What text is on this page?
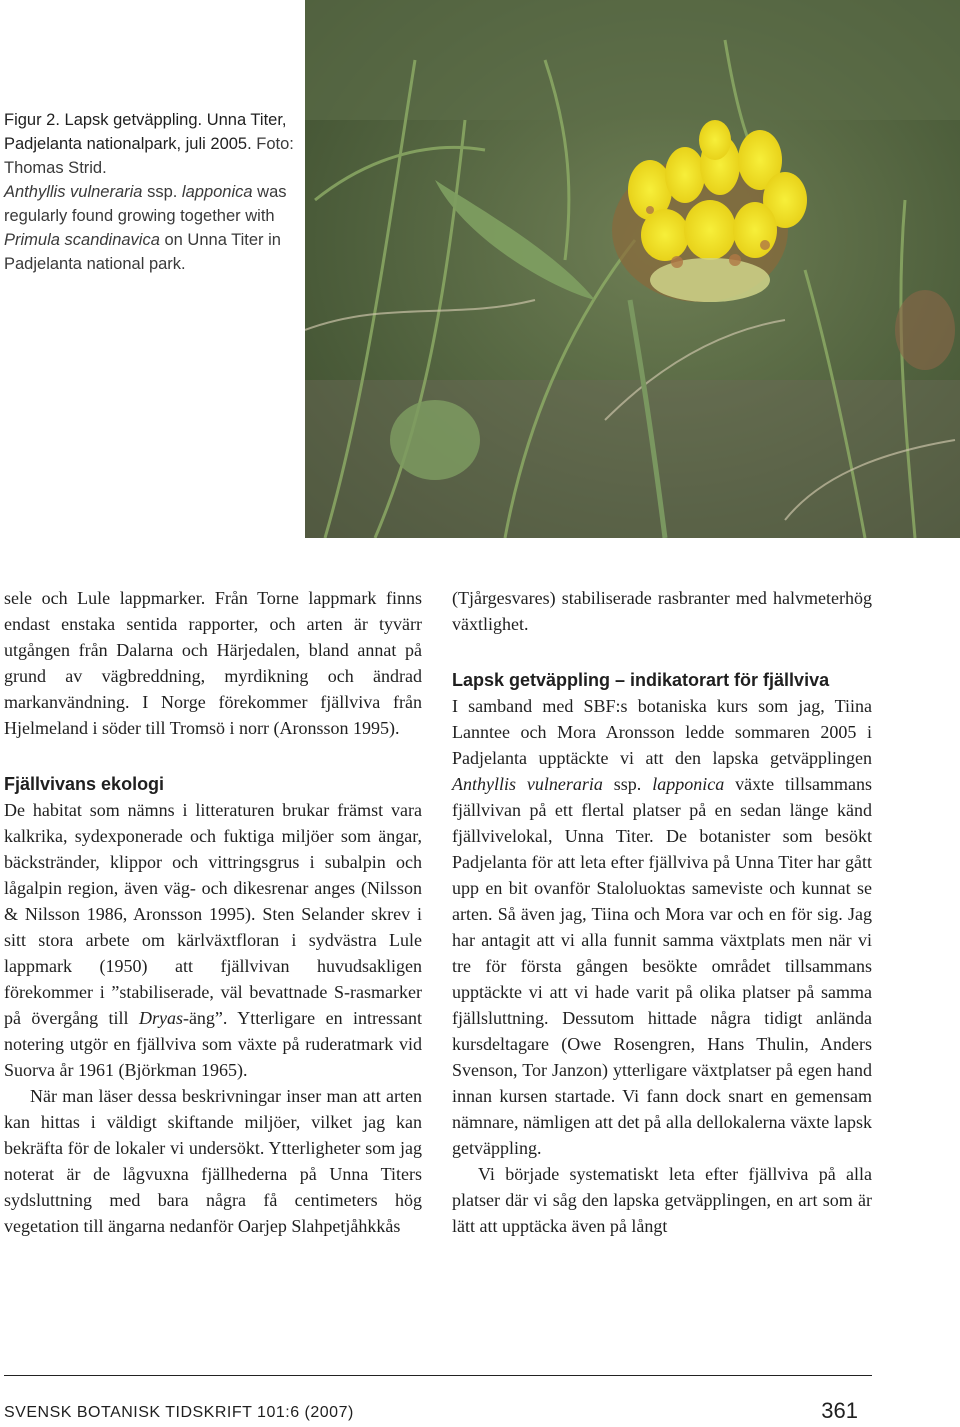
Figur 2. Lapsk getväppling. Unna Titer, Padjelanta nationalpark, juli 2005. Foto: Thomas Strid.
Anthyllis vulneraria ssp. lapponica was regularly found growing together with Primula scandinavica on Unna Titer in Padjelanta national park.

sele och Lule lappmarker. Från Torne lappmark finns endast enstaka sentida rapporter, och arten är tyvärr utgången från Dalarna och Härjedalen, bland annat på grund av vägbreddning, myrdikning och ändrad markanvändning. I Norge förekommer fjällviva från Hjelmeland i söder till Tromsö i norr (Aronsson 1995).

Fjällvivans ekologi

De habitat som nämns i litteraturen brukar främst vara kalkrika, sydexponerade och fuktiga miljöer som ängar, bäckstränder, klippor och vittringsgrus i subalpin och lågalpin region, även väg- och dikesrenar anges (Nilsson & Nilsson 1986, Aronsson 1995). Sten Selander skrev i sitt stora arbete om kärlväxtfloran i sydvästra Lule lappmark (1950) att fjällvivan huvudsakligen förekommer i ”stabiliserade, väl bevattnade S-rasmarker på övergång till Dryas-äng”. Ytterligare en intressant notering utgör en fjällviva som växte på ruderatmark vid Suorva år 1961 (Björkman 1965).

När man läser dessa beskrivningar inser man att arten kan hittas i väldigt skiftande miljöer, vilket jag kan bekräfta för de lokaler vi undersökt. Ytterligheter som jag noterat är de lågvuxna fjällhederna på Unna Titers sydsluttning med bara några få centimeters hög vegetation till ängarna nedanför Oarjep Slahpetjåhkkås

(Tjårgesvares) stabiliserade rasbranter med halvmeterhög växtlighet.

Lapsk getväppling – indikatorart för fjällviva

I samband med SBF:s botaniska kurs som jag, Tiina Lanntee och Mora Aronsson ledde sommaren 2005 i Padjelanta upptäckte vi att den lapska getväpplingen Anthyllis vulneraria ssp. lapponica växte tillsammans fjällvivan på ett flertal platser på en sedan länge känd fjällvivelokal, Unna Titer. De botanister som besökt Padjelanta för att leta efter fjällviva på Unna Titer har gått upp en bit ovanför Staloluoktas sameviste och kunnat se arten. Så även jag, Tiina och Mora var och en för sig. Jag har antagit att vi alla funnit samma växtplats men när vi tre för första gången besökte området tillsammans upptäckte vi att vi hade varit på olika platser på samma fjällsluttning. Dessutom hittade några tidigt anlända kursdeltagare (Owe Rosengren, Hans Thulin, Anders Svenson, Tor Janzon) ytterligare växtplatser på egen hand innan kursen startade. Vi fann dock snart en gemensam nämnare, nämligen att det på alla dellokalerna växte lapsk getväppling.

Vi började systematiskt leta efter fjällviva på alla platser där vi såg den lapska getväpplingen, en art som är lätt att upptäcka även på långt

SVENSK BOTANISK TIDSKRIFT 101:6 (2007)	361
